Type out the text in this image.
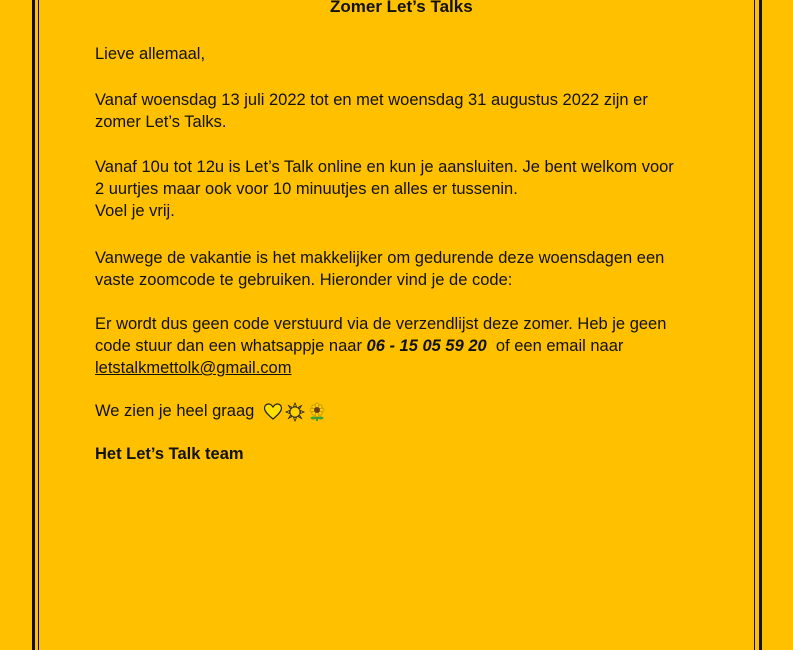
Zomer Let’s Talks

Lieve allemaal,

Vanaf woensdag 13 juli 2022 tot en met woensdag 31 augustus 2022 zijn er
zomer Let’s Talks.
Vanaf 10u tot 12u is Let’s Talk online en kun je aansluiten. Je bent welkom voor
2 uurtjes maar ook voor 10 minuutjes en alles er tussenin.
Voel je vrij.
Vanwege de vakantie is het makkelijker om gedurende deze woensdagen een
vaste zoomcode te gebruiken. Hieronder vind je de code:
Er wordt dus geen code verstuurd via de verzendlijst deze zomer. Heb je geen
code stuur dan een whatsappje naar 06 - 15 05 59 20  of een email naar
letstalkmettolk@gmail.com
We zien je heel graag
Het Let’s Talk team
